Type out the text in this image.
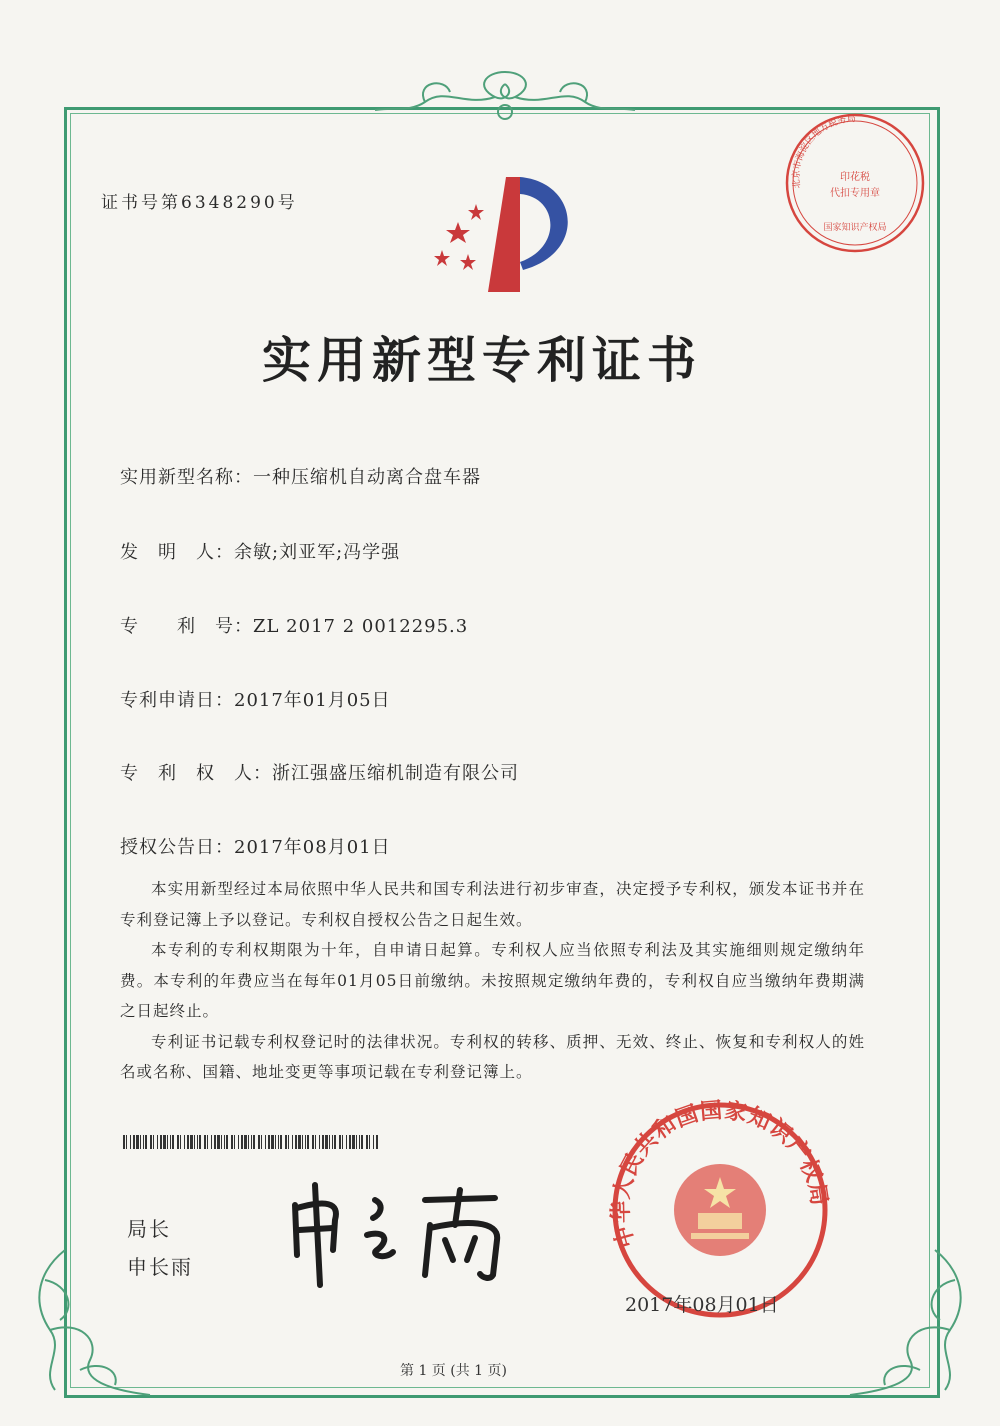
证书号第6348290号
北京市海淀区地方税务局
印花税
代扣专用章
国家知识产权局
实用新型专利证书
实用新型名称：一种压缩机自动离合盘车器
发　明　人：余敏;刘亚军;冯学强
专　　利　号：ZL 2017 2 0012295.3
专利申请日：2017年01月05日
专　利　权　人：浙江强盛压缩机制造有限公司
授权公告日：2017年08月01日

本实用新型经过本局依照中华人民共和国专利法进行初步审查，决定授予专利权，颁发本证书并在专利登记簿上予以登记。专利权自授权公告之日起生效。

本专利的专利权期限为十年，自申请日起算。专利权人应当依照专利法及其实施细则规定缴纳年费。本专利的年费应当在每年01月05日前缴纳。未按照规定缴纳年费的，专利权自应当缴纳年费期满之日起终止。

专利证书记载专利权登记时的法律状况。专利权的转移、质押、无效、终止、恢复和专利权人的姓名或名称、国籍、地址变更等事项记载在专利登记簿上。

局长
申长雨
中华人民共和国国家知识产权局
2017年08月01日
第 1 页 (共 1 页)
